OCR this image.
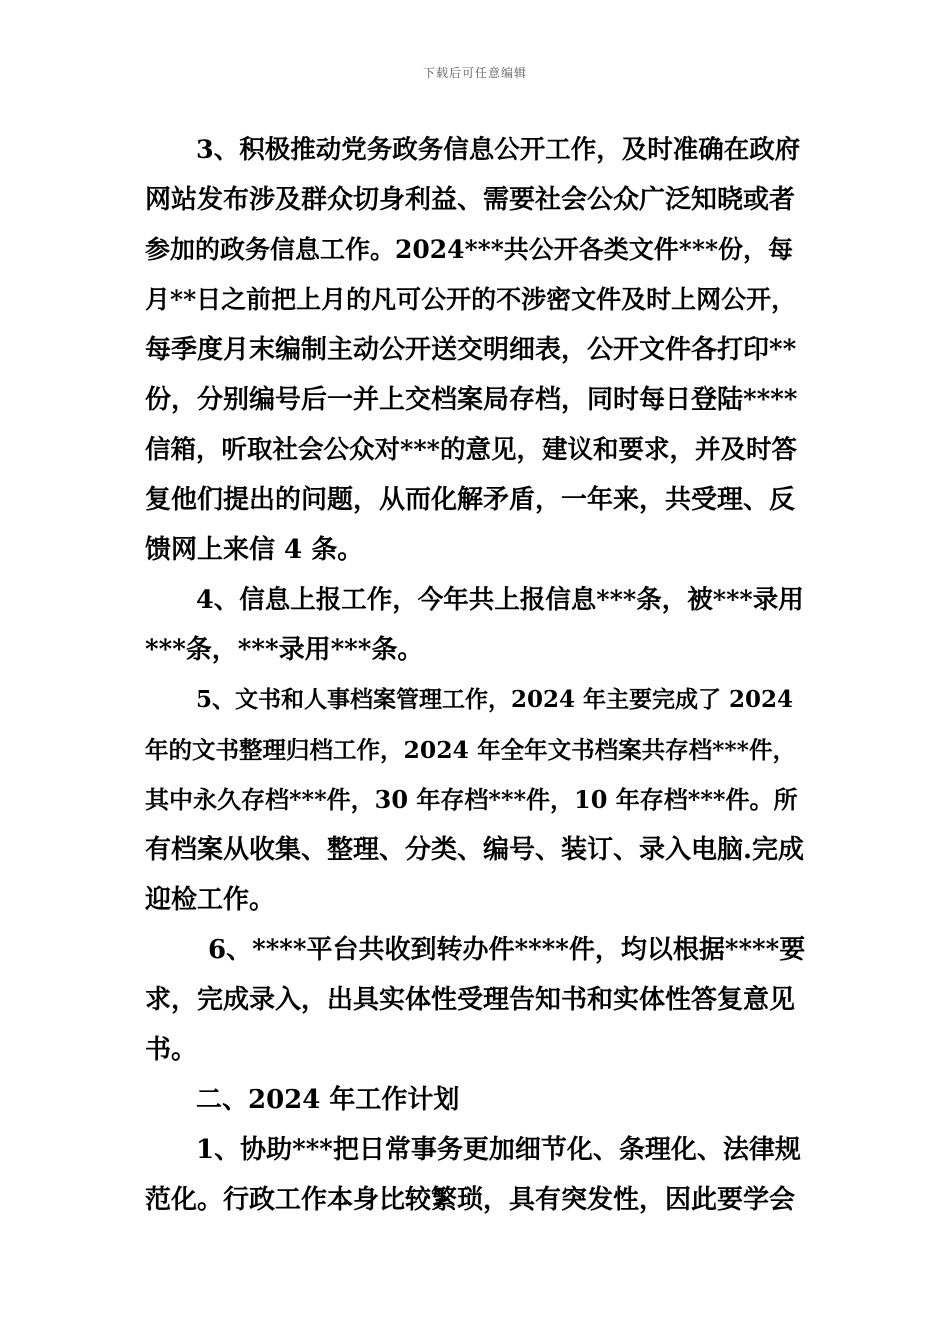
下载后可任意编辑
3、积极推动党务政务信息公开工作，及时准确在政府
网站发布涉及群众切身利益、需要社会公众广泛知晓或者
参加的政务信息工作。2024***共公开各类文件***份，每
月**日之前把上月的凡可公开的不涉密文件及时上网公开，
每季度月末编制主动公开送交明细表，公开文件各打印**
份，分别编号后一并上交档案局存档，同时每日登陆****
信箱，听取社会公众对***的意见，建议和要求，并及时答
复他们提出的问题，从而化解矛盾，一年来，共受理、反
馈网上来信 4 条。
4、信息上报工作，今年共上报信息***条，被***录用
***条，***录用***条。
5、文书和人事档案管理工作，2024 年主要完成了 2024
年的文书整理归档工作，2024 年全年文书档案共存档***件，
其中永久存档***件，30 年存档***件，10 年存档***件。所
有档案从收集、整理、分类、编号、装订、录入电脑.完成
迎检工作。
6、****平台共收到转办件****件，均以根据****要
求，完成录入，出具实体性受理告知书和实体性答复意见
书。
二、2024 年工作计划
1、协助***把日常事务更加细节化、条理化、法律规
范化。行政工作本身比较繁琐，具有突发性，因此要学会
